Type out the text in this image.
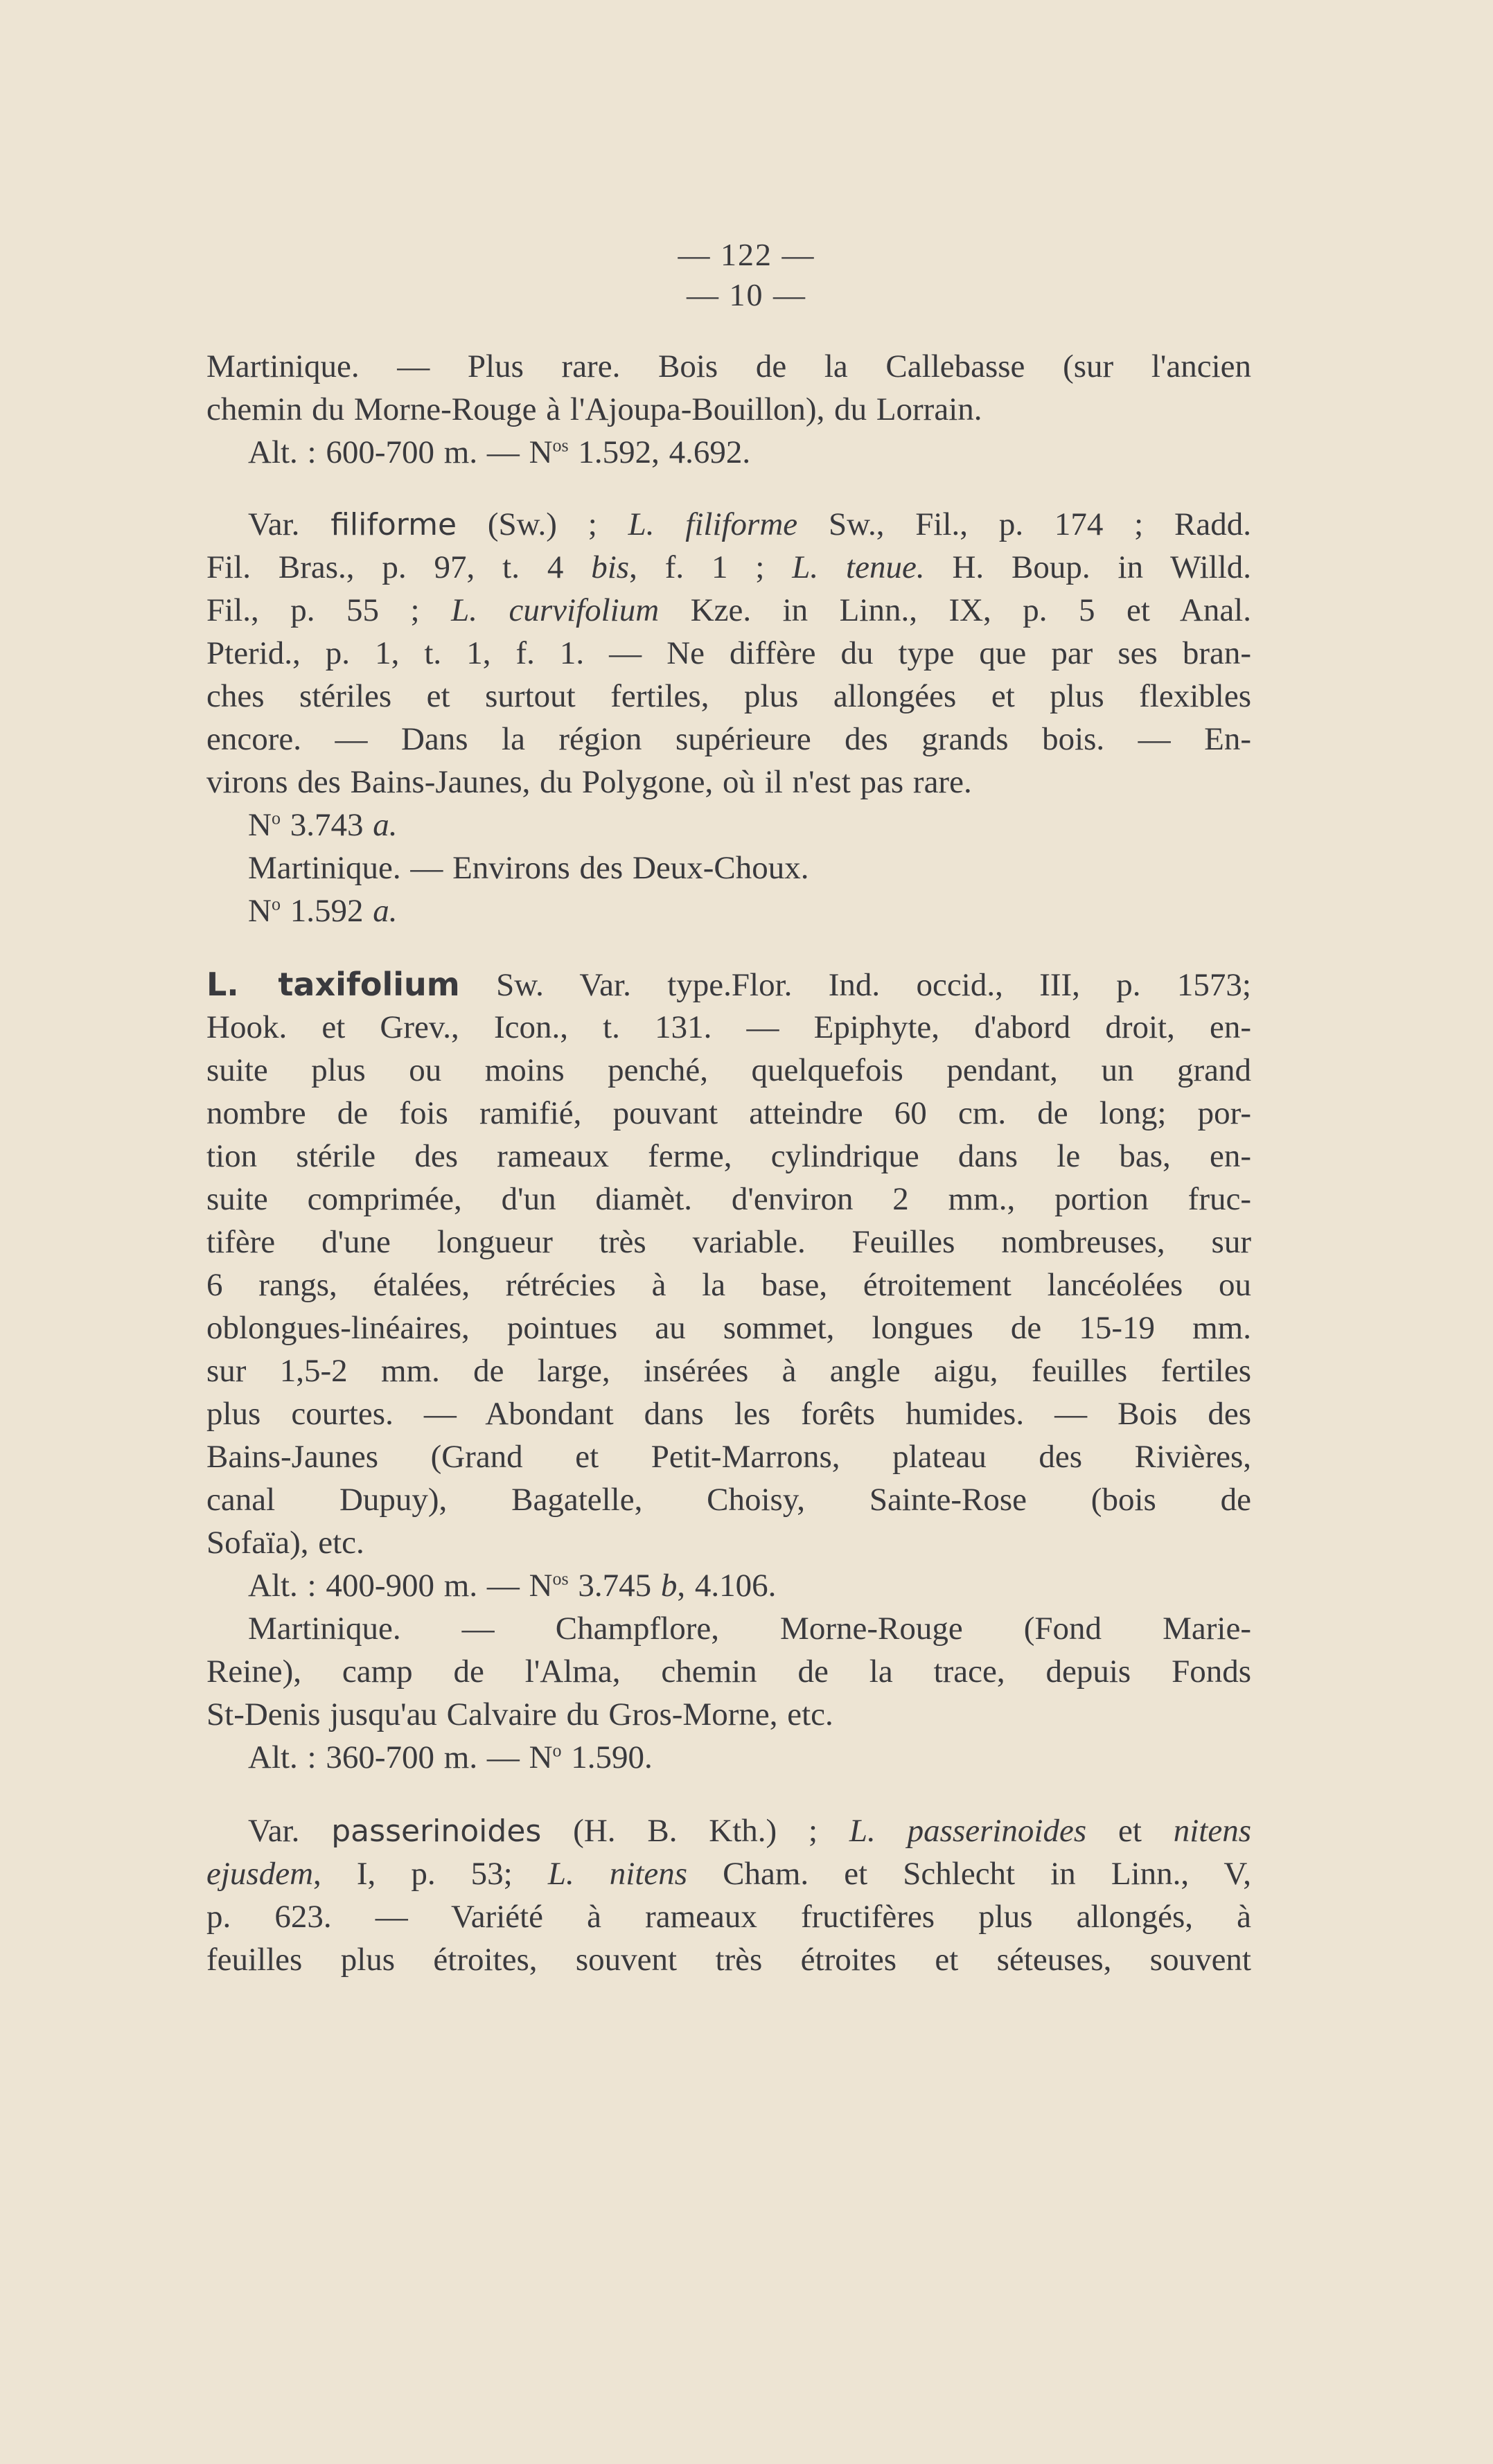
— 122 —
— 10 —
Martinique. — Plus rare. Bois de la Callebasse (sur l'ancien
chemin du Morne-Rouge à l'Ajoupa-Bouillon), du Lorrain.
Alt. : 600-700 m. — $N^{os}$ 1.592, 4.692.
Var. filiforme (Sw.) ; L. filiforme Sw., Fil., p. 174 ; Radd.
Fil. Bras., p. 97, t. 4 bis, f. 1 ; L. tenue. H. Boup. in Willd.
Fil., p. 55 ; L. curvifolium Kze. in Linn., IX, p. 5 et Anal.
Pterid., p. 1, t. 1, f. 1. — Ne diffère du type que par ses bran-
ches stériles et surtout fertiles, plus allongées et plus flexibles
encore. — Dans la région supérieure des grands bois. — En-
virons des Bains-Jaunes, du Polygone, où il n'est pas rare.
$N^o$ 3.743 a.
Martinique. — Environs des Deux-Choux.
$N^o$ 1.592 a.
L. taxifolium Sw. Var. type.Flor. Ind. occid., III, p. 1573;
Hook. et Grev., Icon., t. 131. — Epiphyte, d'abord droit, en-
suite plus ou moins penché, quelquefois pendant, un grand
nombre de fois ramifié, pouvant atteindre 60 cm. de long; por-
tion stérile des rameaux ferme, cylindrique dans le bas, en-
suite comprimée, d'un diamèt. d'environ 2 mm., portion fruc-
tifère d'une longueur très variable. Feuilles nombreuses, sur
6 rangs, étalées, rétrécies à la base, étroitement lancéolées ou
oblongues-linéaires, pointues au sommet, longues de 15-19 mm.
sur 1,5-2 mm. de large, insérées à angle aigu, feuilles fertiles
plus courtes. — Abondant dans les forêts humides. — Bois des
Bains-Jaunes (Grand et Petit-Marrons, plateau des Rivières,
canal Dupuy), Bagatelle, Choisy, Sainte-Rose (bois de
Sofaïa), etc.
Alt. : 400-900 m. — $N^{os}$ 3.745 b, 4.106.
Martinique. — Champflore, Morne-Rouge (Fond Marie-
Reine), camp de l'Alma, chemin de la trace, depuis Fonds
St-Denis jusqu'au Calvaire du Gros-Morne, etc.
Alt. : 360-700 m. — $N^o$ 1.590.
Var. passerinoides (H. B. Kth.) ; L. passerinoides et nitens
ejusdem, I, p. 53; L. nitens Cham. et Schlecht in Linn., V,
p. 623. — Variété à rameaux fructifères plus allongés, à
feuilles plus étroites, souvent très étroites et séteuses, souvent
